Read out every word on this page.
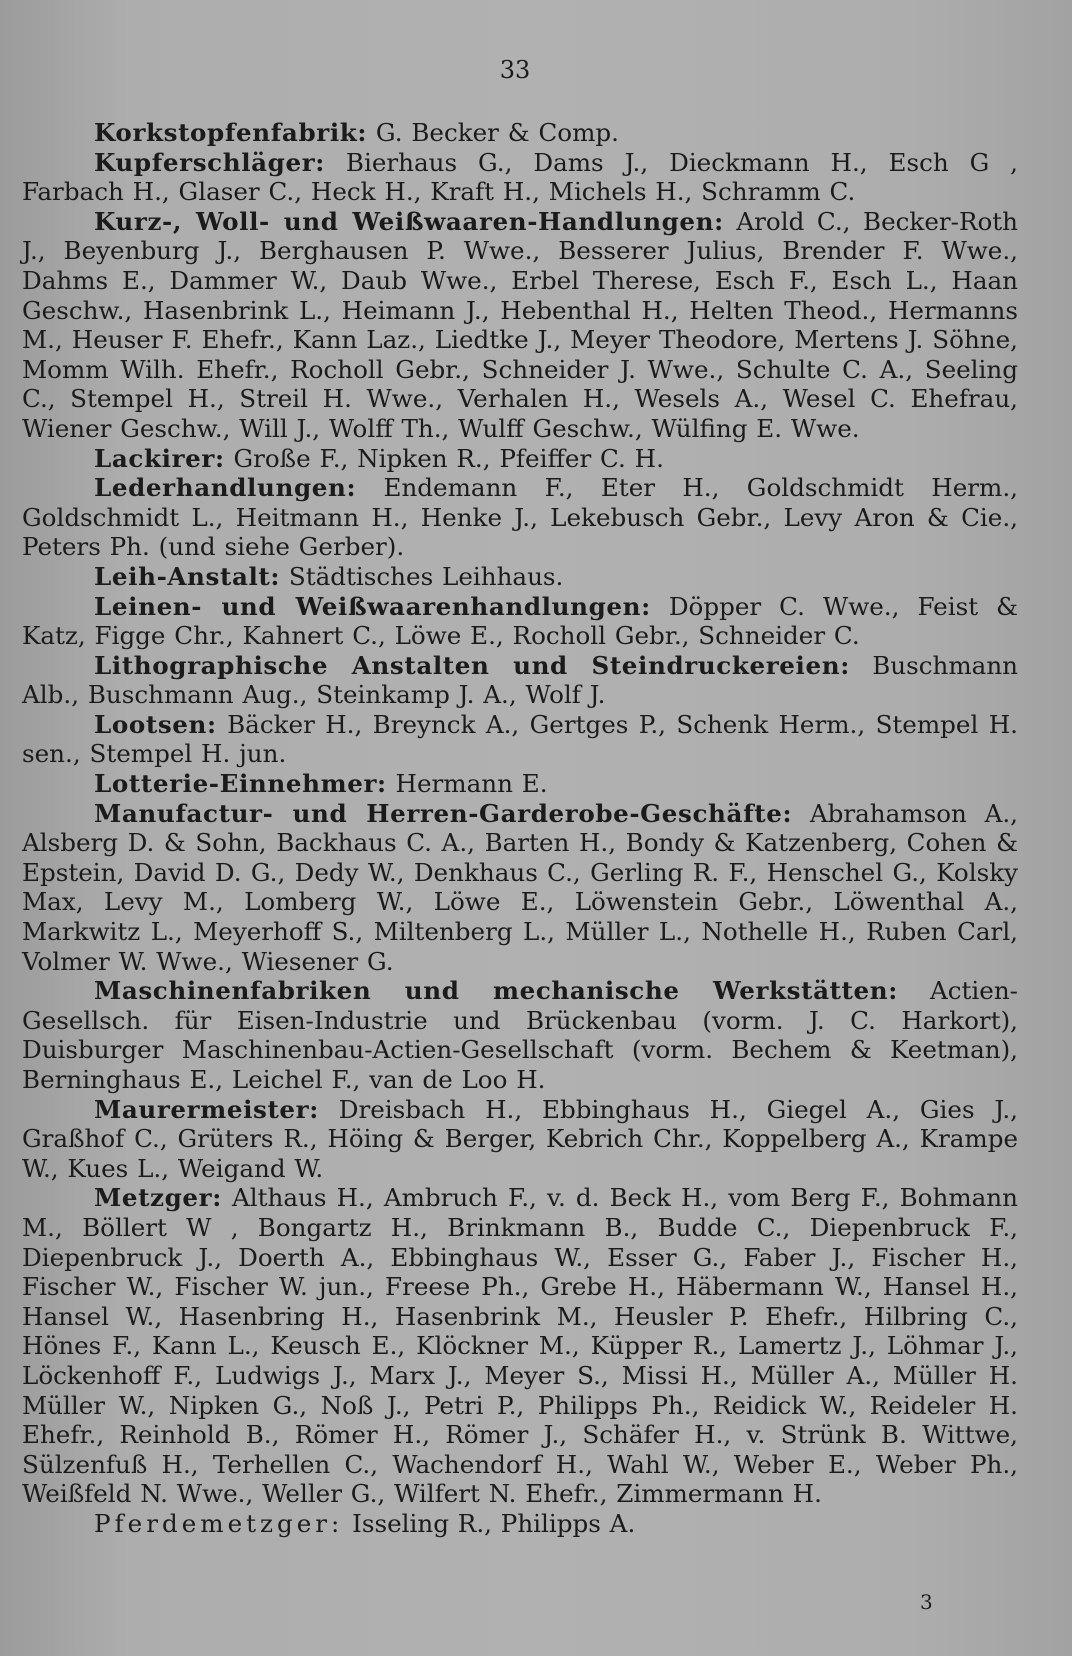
33

Korkstopfenfabrik: G. Becker & Comp.

Kupferschläger: Bierhaus G., Dams J., Dieckmann H., Esch G , Farbach H., Glaser C., Heck H., Kraft H., Michels H., Schramm C.

Kurz-, Woll- und Weißwaaren-Handlungen: Arold C., Becker-Roth J., Beyenburg J., Berghausen P. Wwe., Besserer Julius, Brender F. Wwe., Dahms E., Dammer W., Daub Wwe., Erbel Therese, Esch F., Esch L., Haan Geschw., Hasenbrink L., Heimann J., Hebenthal H., Helten Theod., Hermanns M., Heuser F. Ehefr., Kann Laz., Liedtke J., Meyer Theodore, Mertens J. Söhne, Momm Wilh. Ehefr., Rocholl Gebr., Schneider J. Wwe., Schulte C. A., Seeling C., Stempel H., Streil H. Wwe., Verhalen H., Wesels A., Wesel C. Ehefrau, Wiener Geschw., Will J., Wolff Th., Wulff Geschw., Wülfing E. Wwe.

Lackirer: Große F., Nipken R., Pfeiffer C. H.

Lederhandlungen: Endemann F., Eter H., Goldschmidt Herm., Goldschmidt L., Heitmann H., Henke J., Lekebusch Gebr., Levy Aron & Cie., Peters Ph. (und siehe Gerber).

Leih-Anstalt: Städtisches Leihhaus.

Leinen- und Weißwaarenhandlungen: Döpper C. Wwe., Feist & Katz, Figge Chr., Kahnert C., Löwe E., Rocholl Gebr., Schneider C.

Lithographische Anstalten und Steindruckereien: Buschmann Alb., Buschmann Aug., Steinkamp J. A., Wolf J.

Lootsen: Bäcker H., Breynck A., Gertges P., Schenk Herm., Stempel H. sen., Stempel H. jun.

Lotterie-Einnehmer: Hermann E.

Manufactur- und Herren-Garderobe-Geschäfte: Abrahamson A., Alsberg D. & Sohn, Backhaus C. A., Barten H., Bondy & Katzenberg, Cohen & Epstein, David D. G., Dedy W., Denkhaus C., Gerling R. F., Henschel G., Kolsky Max, Levy M., Lomberg W., Löwe E., Löwenstein Gebr., Löwenthal A., Markwitz L., Meyerhoff S., Miltenberg L., Müller L., Nothelle H., Ruben Carl, Volmer W. Wwe., Wiesener G.

Maschinenfabriken und mechanische Werkstätten: Actien-Gesellsch. für Eisen-Industrie und Brückenbau (vorm. J. C. Harkort), Duisburger Maschinenbau-Actien-Gesellschaft (vorm. Bechem & Keetman), Berninghaus E., Leichel F., van de Loo H.

Maurermeister: Dreisbach H., Ebbinghaus H., Giegel A., Gies J., Graßhof C., Grüters R., Höing & Berger, Kebrich Chr., Koppelberg A., Krampe W., Kues L., Weigand W.

Metzger: Althaus H., Ambruch F., v. d. Beck H., vom Berg F., Bohmann M., Böllert W , Bongartz H., Brinkmann B., Budde C., Diepenbruck F., Diepenbruck J., Doerth A., Ebbinghaus W., Esser G., Faber J., Fischer H., Fischer W., Fischer W. jun., Freese Ph., Grebe H., Häbermann W., Hansel H., Hansel W., Hasenbring H., Hasenbrink M., Heusler P. Ehefr., Hilbring C., Hönes F., Kann L., Keusch E., Klöckner M., Küpper R., Lamertz J., Löhmar J., Löckenhoff F., Ludwigs J., Marx J., Meyer S., Missi H., Müller A., Müller H. Müller W., Nipken G., Noß J., Petri P., Philipps Ph., Reidick W., Reideler H. Ehefr., Reinhold B., Römer H., Römer J., Schäfer H., v. Strünk B. Wittwe, Sülzenfuß H., Terhellen C., Wachendorf H., Wahl W., Weber E., Weber Ph., Weißfeld N. Wwe., Weller G., Wilfert N. Ehefr., Zimmermann H.

Pferdemetzger: Isseling R., Philipps A.

3
